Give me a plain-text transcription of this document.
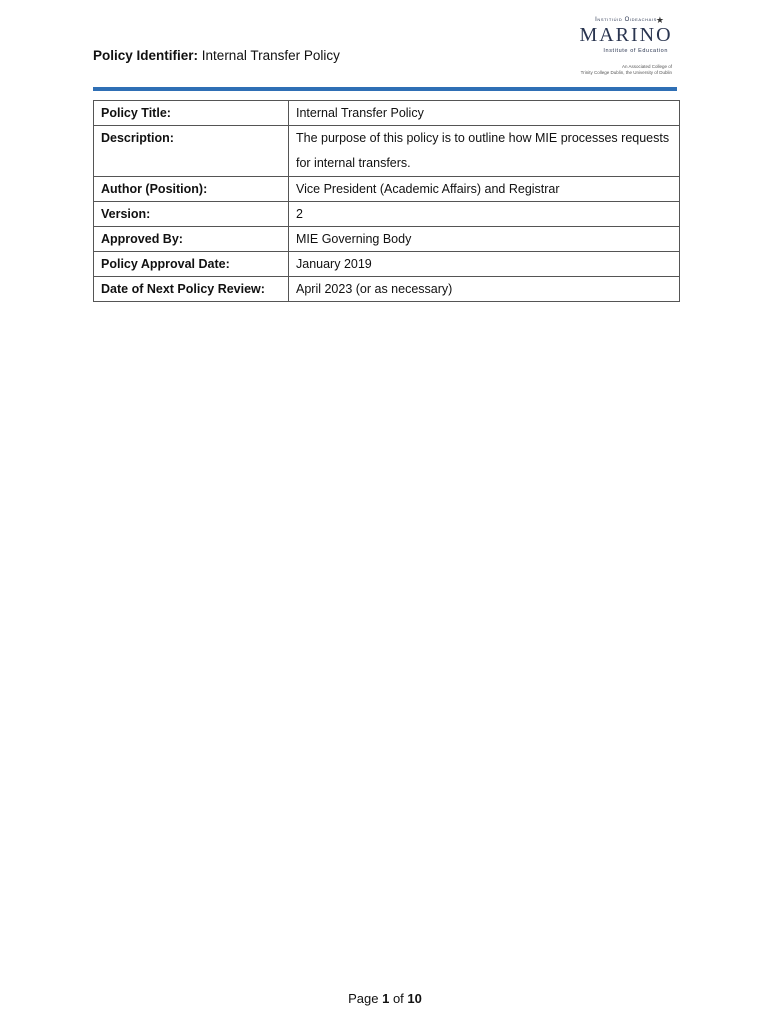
Policy Identifier: Internal Transfer Policy
★
Institiúid Oideachais
MARINO
Institute of Education
An Associated College of
Trinity College Dublin, the University of Dublin
Policy Title:	Internal Transfer Policy
Description:	The purpose of this policy is to outline how MIE processes requests for internal transfers.
Author (Position):	Vice President (Academic Affairs) and Registrar
Version:	2
Approved By:	MIE Governing Body
Policy Approval Date:	January 2019
Date of Next Policy Review:	April 2023 (or as necessary)
Page 1 of 10
